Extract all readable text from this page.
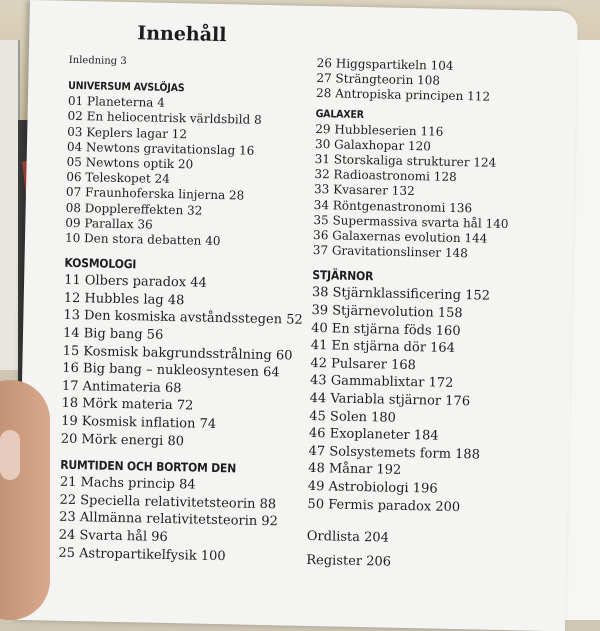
Innehåll
Inledning 3
UNIVERSUM AVSLÖJAS
01 Planeterna 4
02 En heliocentrisk världsbild 8
03 Keplers lagar 12
04 Newtons gravitationslag 16
05 Newtons optik 20
06 Teleskopet 24
07 Fraunhoferska linjerna 28
08 Dopplereffekten 32
09 Parallax 36
10 Den stora debatten 40
KOSMOLOGI
11 Olbers paradox 44
12 Hubbles lag 48
13 Den kosmiska avståndsstegen 52
14 Big bang 56
15 Kosmisk bakgrundsstrålning 60
16 Big bang – nukleosyntesen 64
17 Antimateria 68
18 Mörk materia 72
19 Kosmisk inflation 74
20 Mörk energi 80
RUMTIDEN OCH BORTOM DEN
21 Machs princip 84
22 Speciella relativitetsteorin 88
23 Allmänna relativitetsteorin 92
24 Svarta hål 96
25 Astropartikelfysik 100
26 Higgspartikeln 104
27 Strängteorin 108
28 Antropiska principen 112
GALAXER
29 Hubbleserien 116
30 Galaxhopar 120
31 Storskaliga strukturer 124
32 Radioastronomi 128
33 Kvasarer 132
34 Röntgenastronomi 136
35 Supermassiva svarta hål 140
36 Galaxernas evolution 144
37 Gravitationslinser 148
STJÄRNOR
38 Stjärnklassificering 152
39 Stjärnevolution 158
40 En stjärna föds 160
41 En stjärna dör 164
42 Pulsarer 168
43 Gammablixtar 172
44 Variabla stjärnor 176
45 Solen 180
46 Exoplaneter 184
47 Solsystemets form 188
48 Månar 192
49 Astrobiologi 196
50 Fermis paradox 200
Ordlista 204
Register 206
